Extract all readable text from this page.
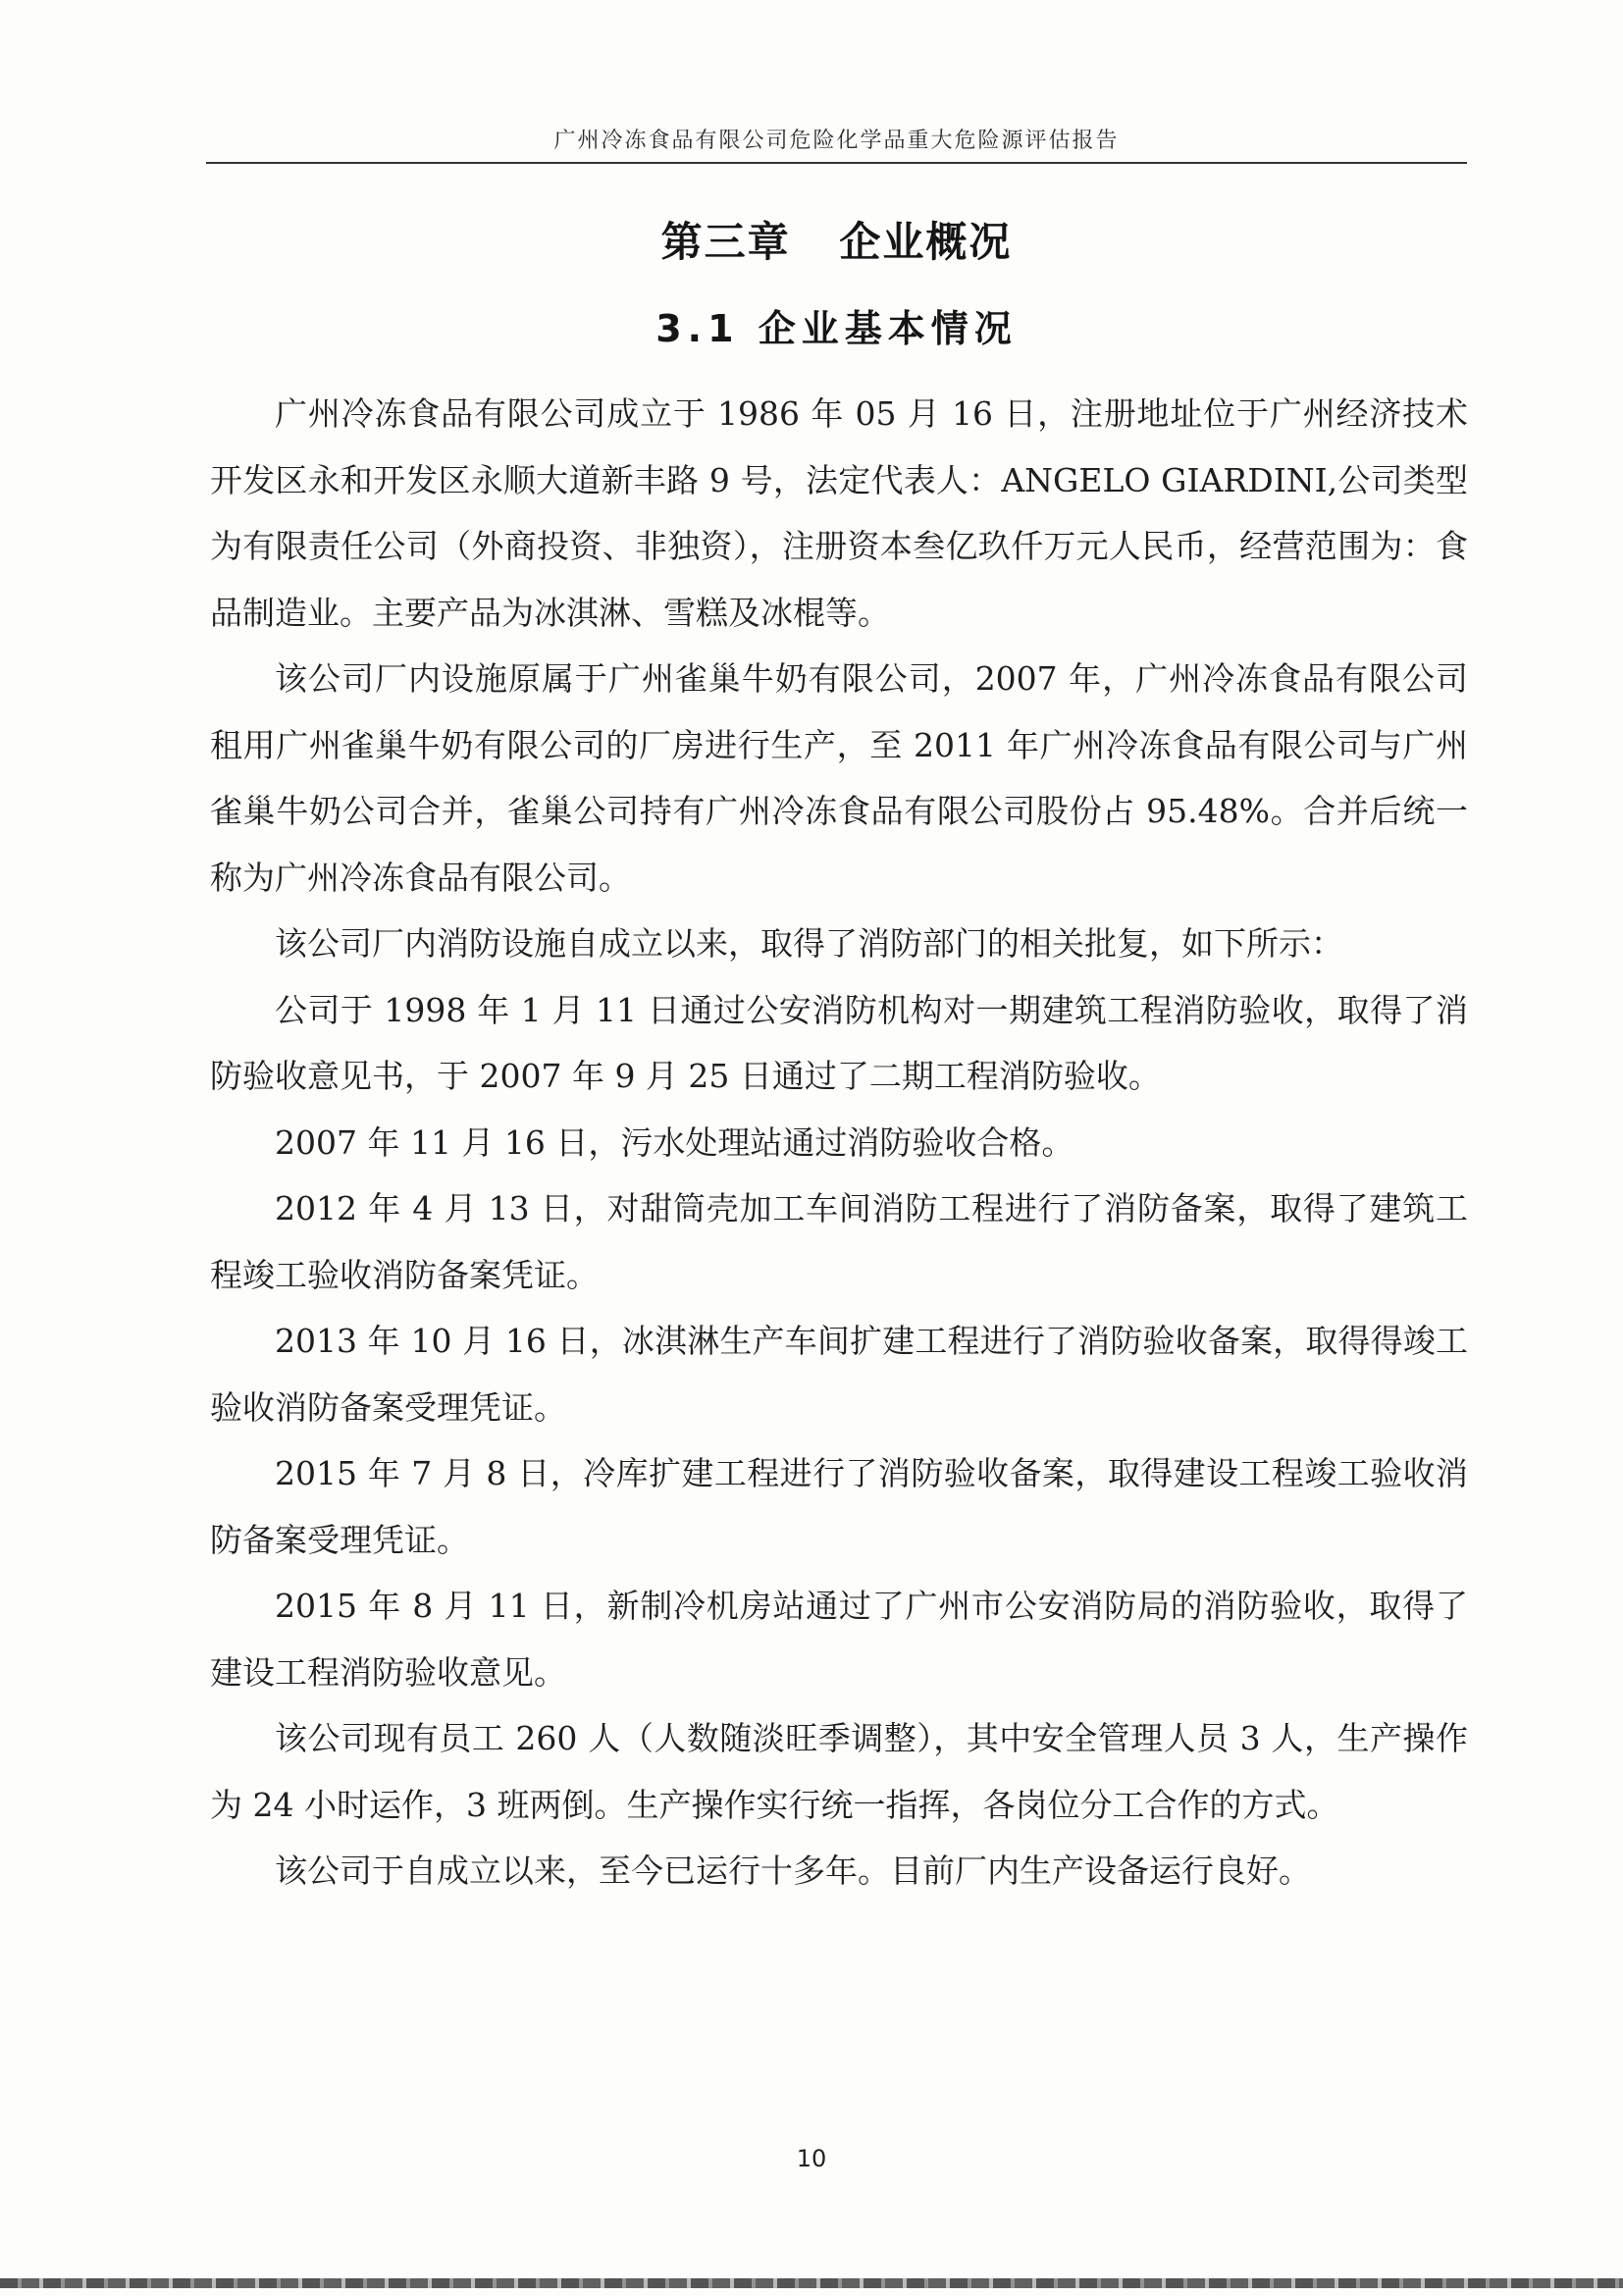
广州冷冻食品有限公司危险化学品重大危险源评估报告
第三章   企业概况
3.1 企业基本情况

广州冷冻食品有限公司成立于 1986 年 05 月 16 日，注册地址位于广州经济技术开发区永和开发区永顺大道新丰路 9 号，法定代表人：ANGELO GIARDINI,公司类型为有限责任公司（外商投资、非独资），注册资本叁亿玖仟万元人民币，经营范围为：食品制造业。主要产品为冰淇淋、雪糕及冰棍等。

该公司厂内设施原属于广州雀巢牛奶有限公司，2007 年，广州冷冻食品有限公司租用广州雀巢牛奶有限公司的厂房进行生产，至 2011 年广州冷冻食品有限公司与广州雀巢牛奶公司合并，雀巢公司持有广州冷冻食品有限公司股份占 95.48%。合并后统一称为广州冷冻食品有限公司。

该公司厂内消防设施自成立以来，取得了消防部门的相关批复，如下所示：

公司于 1998 年 1 月 11 日通过公安消防机构对一期建筑工程消防验收，取得了消防验收意见书，于 2007 年 9 月 25 日通过了二期工程消防验收。

2007 年 11 月 16 日，污水处理站通过消防验收合格。

2012 年 4 月 13 日，对甜筒壳加工车间消防工程进行了消防备案，取得了建筑工程竣工验收消防备案凭证。

2013 年 10 月 16 日，冰淇淋生产车间扩建工程进行了消防验收备案，取得得竣工验收消防备案受理凭证。

2015 年 7 月 8 日，冷库扩建工程进行了消防验收备案，取得建设工程竣工验收消防备案受理凭证。

2015 年 8 月 11 日，新制冷机房站通过了广州市公安消防局的消防验收，取得了建设工程消防验收意见。

该公司现有员工 260 人（人数随淡旺季调整），其中安全管理人员 3 人，生产操作为 24 小时运作，3 班两倒。生产操作实行统一指挥，各岗位分工合作的方式。

该公司于自成立以来，至今已运行十多年。目前厂内生产设备运行良好。

10
